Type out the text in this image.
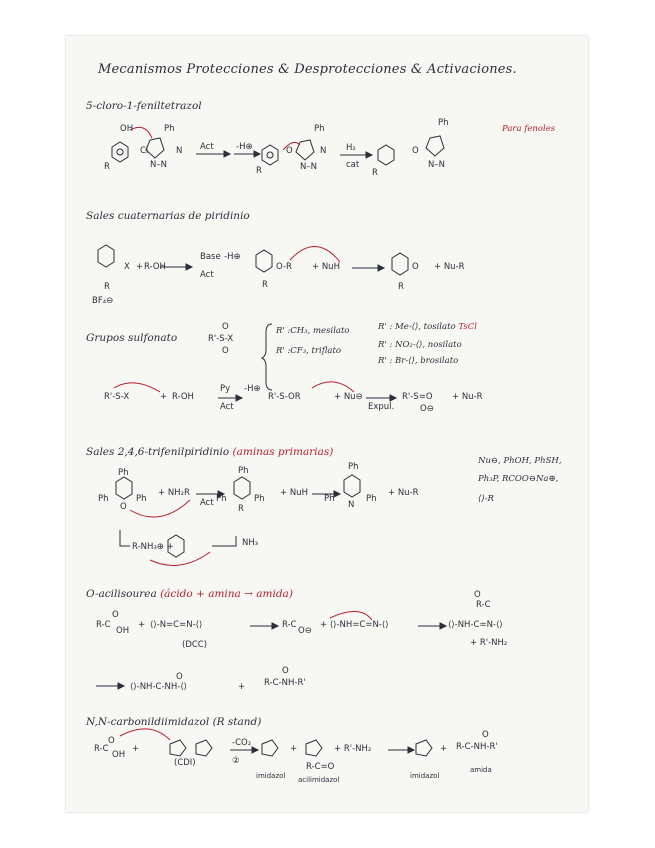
Mecanismos Protecciones & Desprotecciones & Activaciones.
5-cloro-1-feniltetrazol
OH	Ph
Cl	N
N–N
R
Act	-H⊕
R
O
Ph
N
N–N
H₂
cat
R
O
Ph
N–N
Para fenoles
Sales cuaternarias de piridinio
X + R-OH
Base -H⊕
Act
BF₄⊖
R
O-R
R
+ NuH	O
R
+ Nu-R
Grupos sulfonato
O
R'-S-X
O
R' :CH₃, mesilato
R' :CF₃, triflato
R' : Me-⟨⟩, tosilato TsCl
R' : NO₂-⟨⟩, nosilato
R' : Br-⟨⟩, brosilato
R'-S-X	+ R-OH
Py
Act
-H⊕
R'-S-OR	+ Nu⊖
Expul.
R'-S=O
O⊖
+ Nu-R
Sales 2,4,6-trifenilpiridinio (aminas primarias)
Ph
Ph	Ph
O
+ NH₂R
Act
Ph
Ph	Ph
R
+ NuH
Ph
Ph	Ph
N
+ Nu-R
R-NH₃⊕ +	NH₃
Nu⊖, PhOH, PhSH,
Ph₃P, RCOO⊖Na⊕,
⟨⟩-R
O-acilisourea (ácido + amina → amida)
O
R-C
OH
+ ⟨⟩-N=C=N-⟨⟩
(DCC)
R-C
O⊖
+ ⟨⟩-NH=C=N-⟨⟩
O
R-C
⟨⟩-NH-C=N-⟨⟩
+ R'-NH₂
O
⟨⟩-NH-C-NH-⟨⟩	+
O
R-C-NH-R'
N,N-carbonildiimidazol (R stand)
O
R-C
OH
+
(CDI)
-CO₂
②
imidazol
+
R-C=O
acilimidazol
+ R'-NH₂
imidazol
+
O
R-C-NH-R'
amida
